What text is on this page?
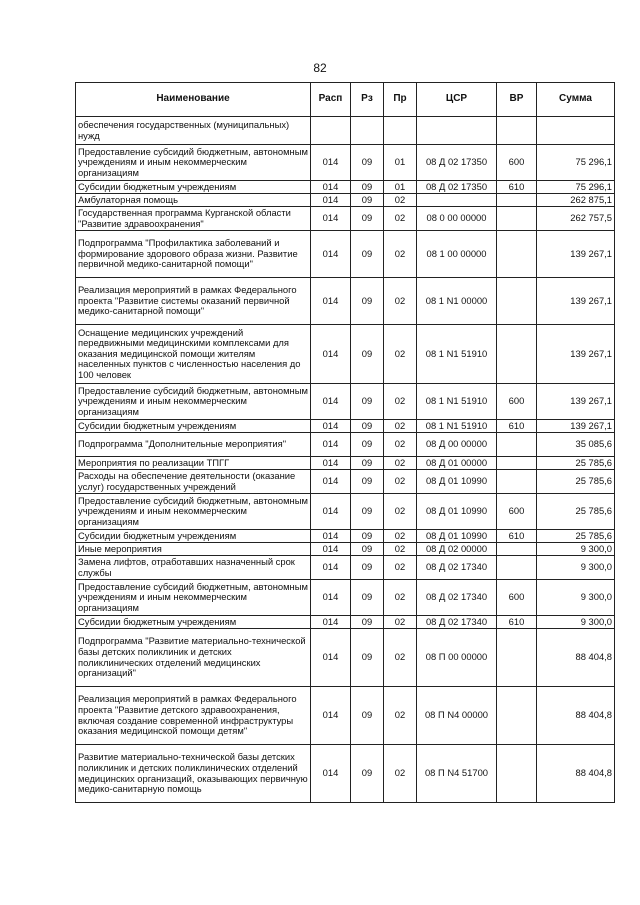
82
Наименование	Расп	Рз	Пр	ЦСР	ВР	Сумма
обеспечения государственных (муниципальных) нужд						
Предоставление субсидий бюджетным, автономным учреждениям и иным некоммерческим организациям	014	09	01	08 Д 02 17350	600	75 296,1
Субсидии бюджетным учреждениям	014	09	01	08 Д 02 17350	610	75 296,1
Амбулаторная помощь	014	09	02			262 875,1
Государственная программа Курганской области "Развитие здравоохранения"	014	09	02	08 0 00 00000		262 757,5
Подпрограмма "Профилактика заболеваний и формирование здорового образа жизни. Развитие первичной медико-санитарной помощи"	014	09	02	08 1 00 00000		139 267,1
Реализация мероприятий в рамках Федерального проекта "Развитие системы оказаний первичной медико-санитарной помощи"	014	09	02	08 1 N1 00000		139 267,1
Оснащение медицинских учреждений передвижными медицинскими комплексами для оказания медицинской помощи жителям населенных пунктов с численностью населения до 100 человек	014	09	02	08 1 N1 51910		139 267,1
Предоставление субсидий бюджетным, автономным учреждениям и иным некоммерческим организациям	014	09	02	08 1 N1 51910	600	139 267,1
Субсидии бюджетным учреждениям	014	09	02	08 1 N1 51910	610	139 267,1
Подпрограмма "Дополнительные мероприятия"	014	09	02	08 Д 00 00000		35 085,6
Мероприятия по реализации ТПГГ	014	09	02	08 Д 01 00000		25 785,6
Расходы на обеспечение деятельности (оказание услуг) государственных учреждений	014	09	02	08 Д 01 10990		25 785,6
Предоставление субсидий бюджетным, автономным учреждениям и иным некоммерческим организациям	014	09	02	08 Д 01 10990	600	25 785,6
Субсидии бюджетным учреждениям	014	09	02	08 Д 01 10990	610	25 785,6
Иные мероприятия	014	09	02	08 Д 02 00000		9 300,0
Замена лифтов, отработавших назначенный срок службы	014	09	02	08 Д 02 17340		9 300,0
Предоставление субсидий бюджетным, автономным учреждениям и иным некоммерческим организациям	014	09	02	08 Д 02 17340	600	9 300,0
Субсидии бюджетным учреждениям	014	09	02	08 Д 02 17340	610	9 300,0
Подпрограмма "Развитие материально-технической базы детских поликлиник и детских поликлинических отделений медицинских организаций"	014	09	02	08 П 00 00000		88 404,8
Реализация мероприятий в рамках Федерального проекта "Развитие детского здравоохранения, включая создание современной инфраструктуры оказания медицинской помощи детям"	014	09	02	08 П N4 00000		88 404,8
Развитие материально-технической базы детских поликлиник и детских поликлинических отделений медицинских организаций, оказывающих первичную медико-санитарную помощь	014	09	02	08 П N4 51700		88 404,8
